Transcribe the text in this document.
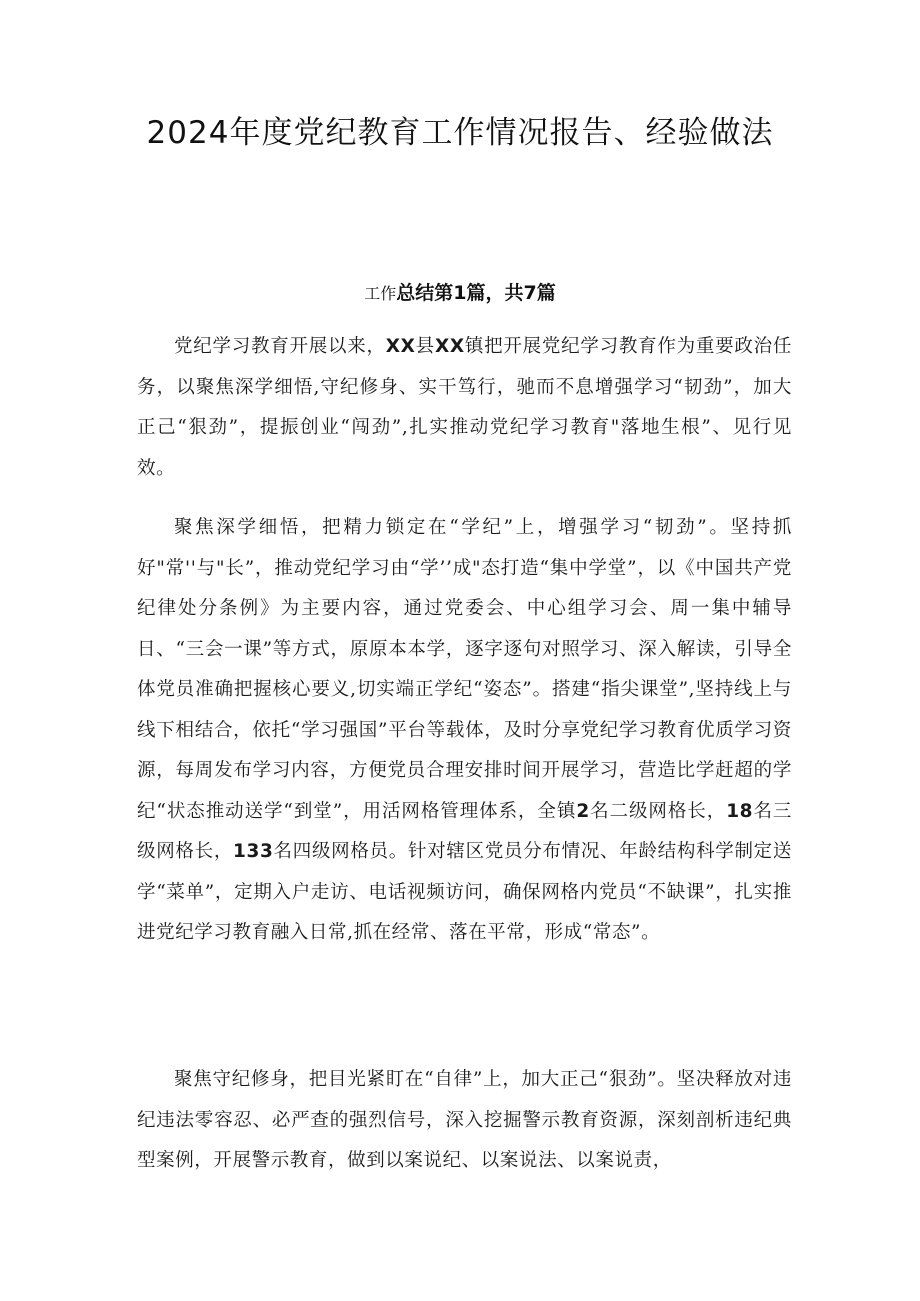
2024年度党纪教育工作情况报告、经验做法
工作总结第1篇，共7篇

党纪学习教育开展以来，XX县XX镇把开展党纪学习教育作为重要政治任务，以聚焦深学细悟,守纪修身、实干笃行，驰而不息增强学习“韧劲”，加大正己“狠劲”，提振创业“闯劲”,扎实推动党纪学习教育"落地生根”、见行见效。

聚焦深学细悟，把精力锁定在“学纪”上，增强学习“韧劲”。坚持抓好"常''与"长”，推动党纪学习由“学’’成"态打造“集中学堂”，以《中国共产党纪律处分条例》为主要内容，通过党委会、中心组学习会、周一集中辅导日、“三会一课”等方式，原原本本学，逐字逐句对照学习、深入解读，引导全体党员准确把握核心要义,切实端正学纪“姿态”。搭建“指尖课堂”,坚持线上与线下相结合，依托“学习强国”平台等载体，及时分享党纪学习教育优质学习资源，每周发布学习内容，方便党员合理安排时间开展学习，营造比学赶超的学纪“状态推动送学“到堂”，用活网格管理体系，全镇2名二级网格长，18名三级网格长，133名四级网格员。针对辖区党员分布情况、年龄结构科学制定送学“菜单”，定期入户走访、电话视频访问，确保网格内党员“不缺课”，扎实推进党纪学习教育融入日常,抓在经常、落在平常，形成“常态”。

聚焦守纪修身，把目光紧盯在“自律”上，加大正己“狠劲”。坚决释放对违纪违法零容忍、必严查的强烈信号，深入挖掘警示教育资源，深刻剖析违纪典型案例，开展警示教育，做到以案说纪、以案说法、以案说责，
